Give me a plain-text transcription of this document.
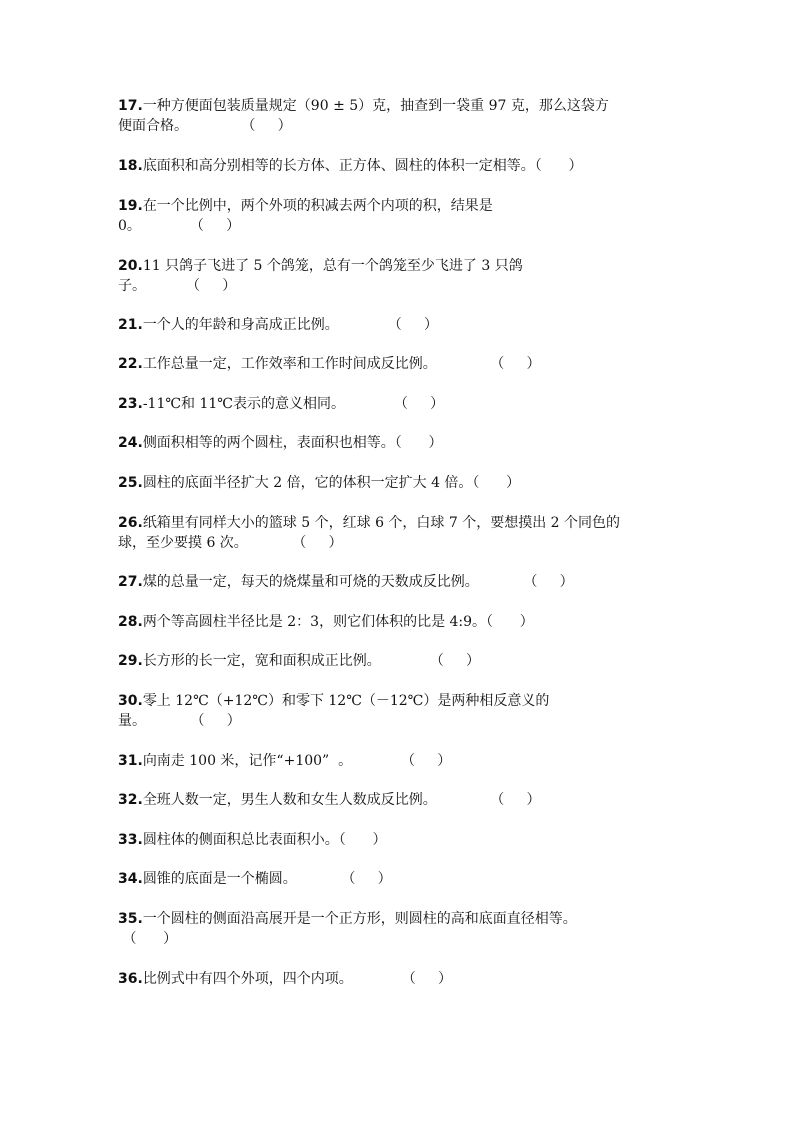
17.一种方便面包装质量规定（90 ± 5）克，抽查到一袋重 97 克，那么这袋方
便面合格。            （     ）
18.底面积和高分别相等的长方体、正方体、圆柱的体积一定相等。（      ）
19.在一个比例中，两个外项的积减去两个内项的积，结果是
0。           （     ）
20.11 只鸽子飞进了 5 个鸽笼，总有一个鸽笼至少飞进了 3 只鸽
子。         （     ）
21.一个人的年龄和身高成正比例。           （     ）
22.工作总量一定，工作效率和工作时间成反比例。            （     ）
23.-11℃和 11℃表示的意义相同。           （     ）
24.侧面积相等的两个圆柱，表面积也相等。（      ）
25.圆柱的底面半径扩大 2 倍，它的体积一定扩大 4 倍。（      ）
26.纸箱里有同样大小的篮球 5 个，红球 6 个，白球 7 个，要想摸出 2 个同色的
球，至少要摸 6 次。          （     ）
27.煤的总量一定，每天的烧煤量和可烧的天数成反比例。          （     ）
28.两个等高圆柱半径比是 2：3，则它们体积的比是 4:9。（      ）
29.长方形的长一定，宽和面积成正比例。           （     ）
30.零上 12℃（+12℃）和零下 12℃（－12℃）是两种相反意义的
量。          （     ）
31.向南走 100 米，记作“+100”  。           （     ）
32.全班人数一定，男生人数和女生人数成反比例。            （     ）
33.圆柱体的侧面积总比表面积小。（      ）
34.圆锥的底面是一个椭圆。          （     ）
35.一个圆柱的侧面沿高展开是一个正方形，则圆柱的高和底面直径相等。
（      ）
36.比例式中有四个外项，四个内项。           （     ）
